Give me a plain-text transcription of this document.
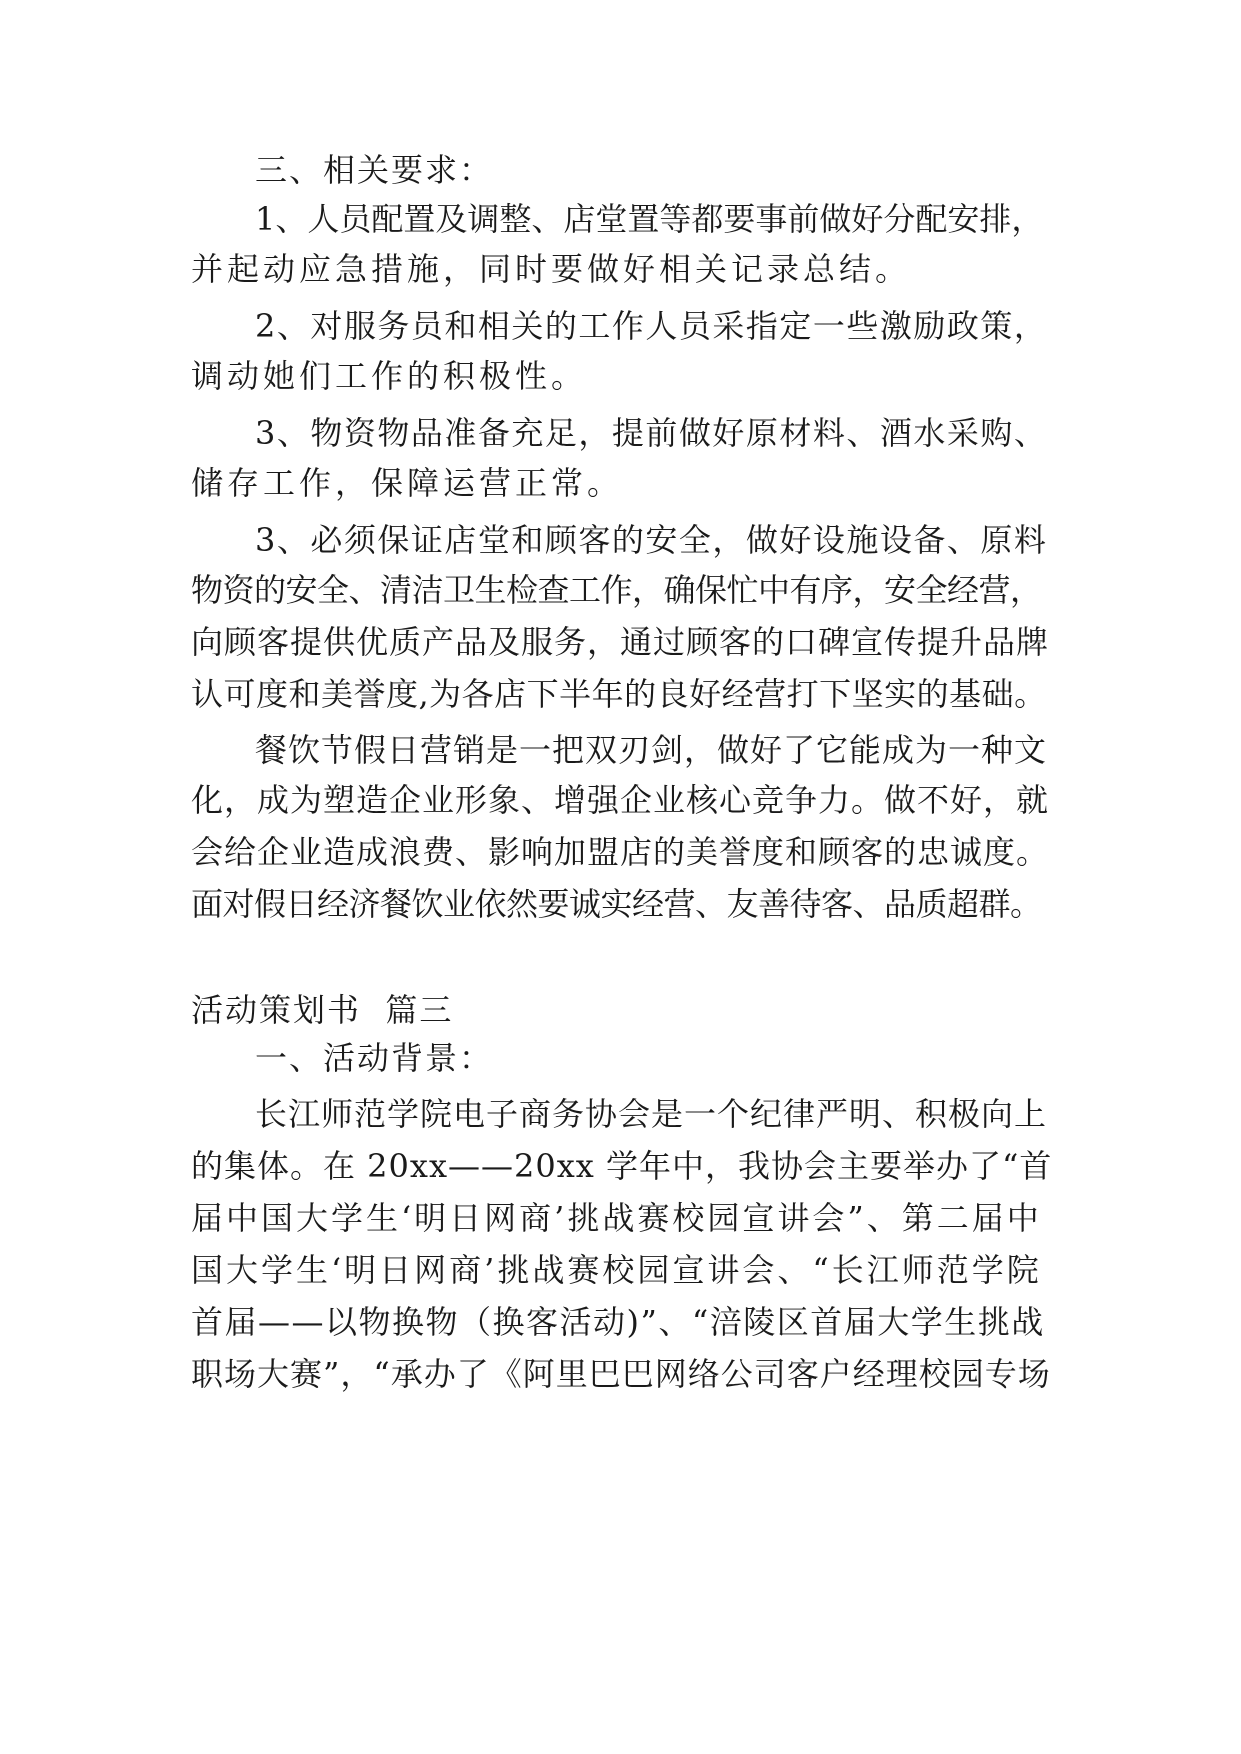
三、相关要求：
1、人员配置及调整、店堂置等都要事前做好分配安排，
并起动应急措施，同时要做好相关记录总结。
2、对服务员和相关的工作人员采指定一些激励政策，
调动她们工作的积极性。
3、物资物品准备充足，提前做好原材料、酒水采购、
储存工作，保障运营正常。
3、必须保证店堂和顾客的安全，做好设施设备、原料
物资的安全、清洁卫生检查工作，确保忙中有序，安全经营，
向顾客提供优质产品及服务，通过顾客的口碑宣传提升品牌
认可度和美誉度,为各店下半年的良好经营打下坚实的基础。
餐饮节假日营销是一把双刃剑，做好了它能成为一种文
化，成为塑造企业形象、增强企业核心竞争力。做不好，就
会给企业造成浪费、影响加盟店的美誉度和顾客的忠诚度。
面对假日经济餐饮业依然要诚实经营、友善待客、品质超群。
活动策划书  篇三
一、活动背景：
长江师范学院电子商务协会是一个纪律严明、积极向上
的集体。在 20xx——20xx 学年中，我协会主要举办了“首
届中国大学生‘明日网商’挑战赛校园宣讲会”、第二届中
国大学生‘明日网商’挑战赛校园宣讲会、“长江师范学院
首届——以物换物（换客活动)”、“涪陵区首届大学生挑战
职场大赛”，“承办了《阿里巴巴网络公司客户经理校园专场
